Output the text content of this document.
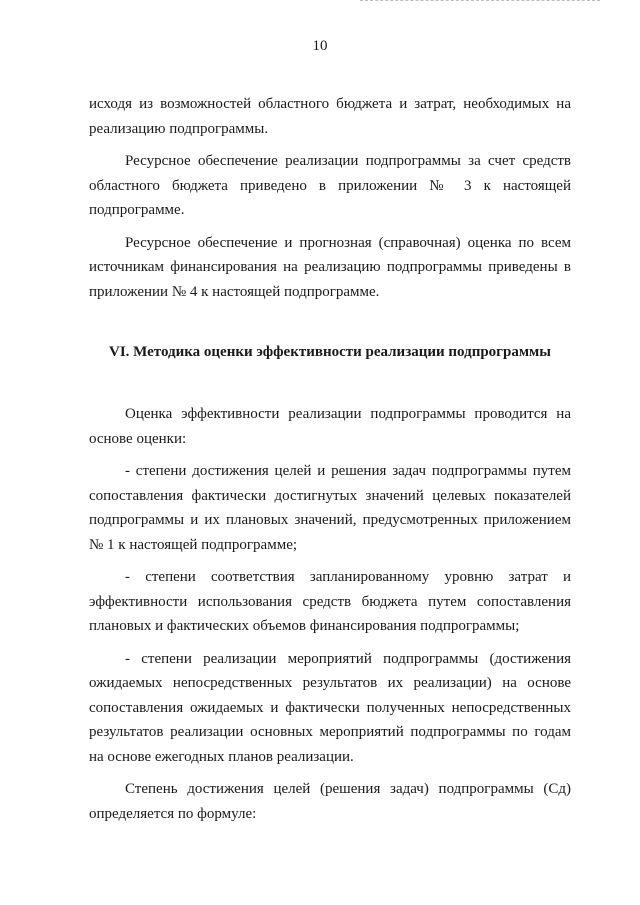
10

исходя из возможностей областного бюджета и затрат, необходимых на реализацию подпрограммы.

Ресурсное обеспечение реализации подпрограммы за счет средств областного бюджета приведено в приложении № 3 к настоящей подпрограмме.

Ресурсное обеспечение и прогнозная (справочная) оценка по всем источникам финансирования на реализацию подпрограммы приведены в приложении № 4 к настоящей подпрограмме.

VI. Методика оценки эффективности реализации подпрограммы

Оценка эффективности реализации подпрограммы проводится на основе оценки:

- степени достижения целей и решения задач подпрограммы путем сопоставления фактически достигнутых значений целевых показателей подпрограммы и их плановых значений, предусмотренных приложением № 1 к настоящей подпрограмме;

- степени соответствия запланированному уровню затрат и эффективности использования средств бюджета путем сопоставления плановых и фактических объемов финансирования подпрограммы;

- степени реализации мероприятий подпрограммы (достижения ожидаемых непосредственных результатов их реализации) на основе сопоставления ожидаемых и фактически полученных непосредственных результатов реализации основных мероприятий подпрограммы по годам на основе ежегодных планов реализации.

Степень достижения целей (решения задач) подпрограммы (Сд) определяется по формуле:
